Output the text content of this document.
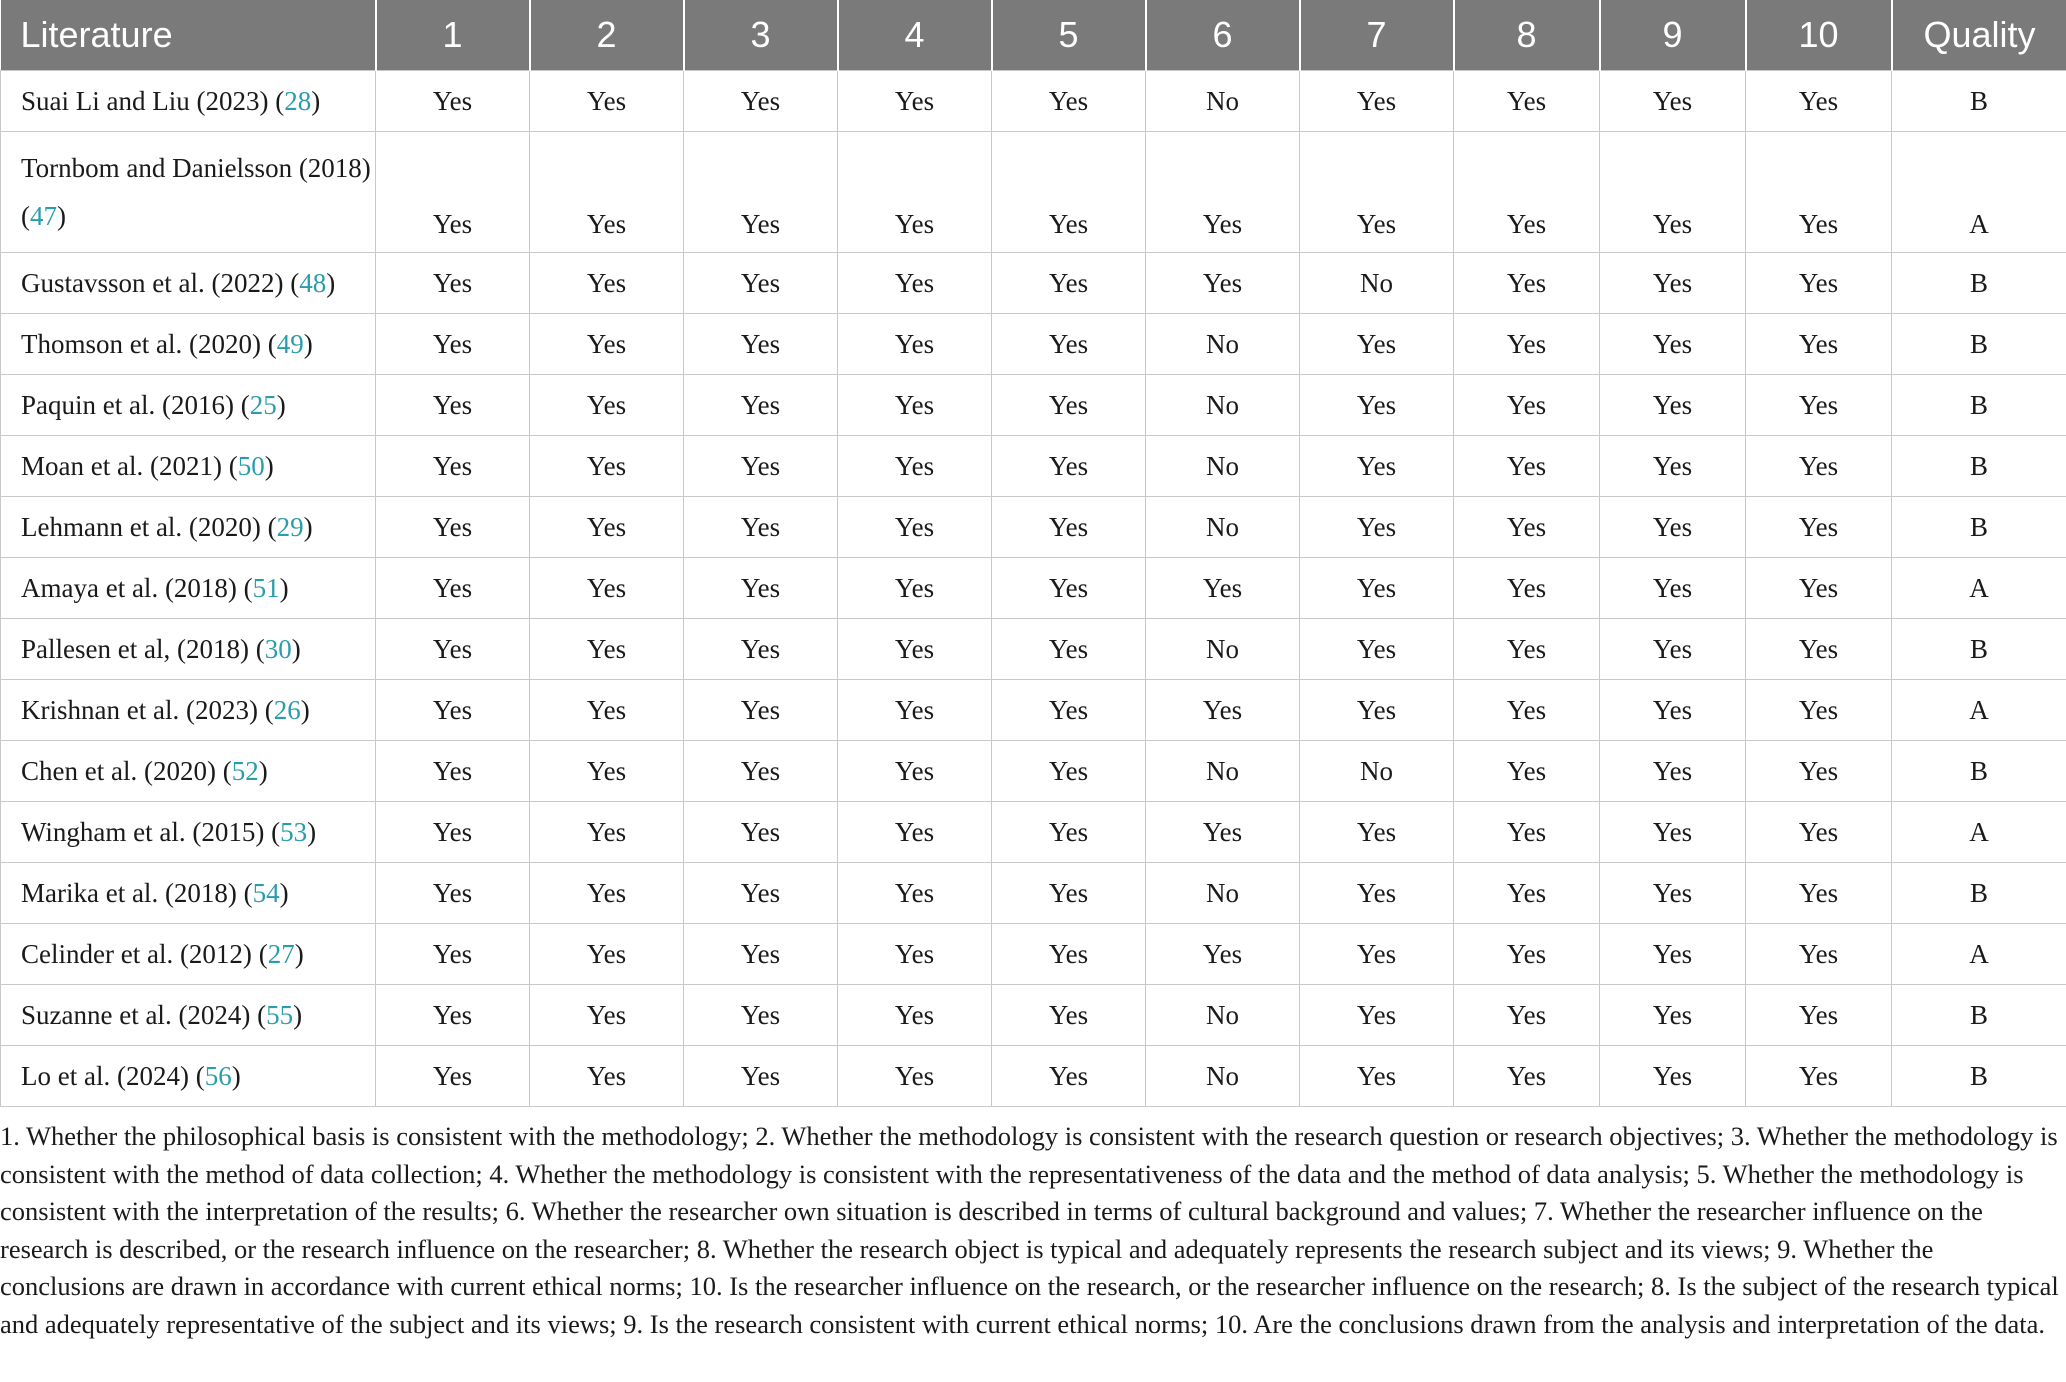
Literature	1	2	3	4	5	6	7	8	9	10	Quality
Suai Li and Liu (2023) (28)	Yes	Yes	Yes	Yes	Yes	No	Yes	Yes	Yes	Yes	B
Tornbom and Danielsson (2018) (47)	Yes	Yes	Yes	Yes	Yes	Yes	Yes	Yes	Yes	Yes	A
Gustavsson et al. (2022) (48)	Yes	Yes	Yes	Yes	Yes	Yes	No	Yes	Yes	Yes	B
Thomson et al. (2020) (49)	Yes	Yes	Yes	Yes	Yes	No	Yes	Yes	Yes	Yes	B
Paquin et al. (2016) (25)	Yes	Yes	Yes	Yes	Yes	No	Yes	Yes	Yes	Yes	B
Moan et al. (2021) (50)	Yes	Yes	Yes	Yes	Yes	No	Yes	Yes	Yes	Yes	B
Lehmann et al. (2020) (29)	Yes	Yes	Yes	Yes	Yes	No	Yes	Yes	Yes	Yes	B
Amaya et al. (2018) (51)	Yes	Yes	Yes	Yes	Yes	Yes	Yes	Yes	Yes	Yes	A
Pallesen et al, (2018) (30)	Yes	Yes	Yes	Yes	Yes	No	Yes	Yes	Yes	Yes	B
Krishnan et al. (2023) (26)	Yes	Yes	Yes	Yes	Yes	Yes	Yes	Yes	Yes	Yes	A
Chen et al. (2020) (52)	Yes	Yes	Yes	Yes	Yes	No	No	Yes	Yes	Yes	B
Wingham et al. (2015) (53)	Yes	Yes	Yes	Yes	Yes	Yes	Yes	Yes	Yes	Yes	A
Marika et al. (2018) (54)	Yes	Yes	Yes	Yes	Yes	No	Yes	Yes	Yes	Yes	B
Celinder et al. (2012) (27)	Yes	Yes	Yes	Yes	Yes	Yes	Yes	Yes	Yes	Yes	A
Suzanne et al. (2024) (55)	Yes	Yes	Yes	Yes	Yes	No	Yes	Yes	Yes	Yes	B
Lo et al. (2024) (56)	Yes	Yes	Yes	Yes	Yes	No	Yes	Yes	Yes	Yes	B
1. Whether the philosophical basis is consistent with the methodology; 2. Whether the methodology is consistent with the research question or research objectives; 3. Whether the methodology is consistent with the method of data collection; 4. Whether the methodology is consistent with the representativeness of the data and the method of data analysis; 5. Whether the methodology is consistent with the interpretation of the results; 6. Whether the researcher own situation is described in terms of cultural background and values; 7. Whether the researcher influence on the research is described, or the research influence on the researcher; 8. Whether the research object is typical and adequately represents the research subject and its views; 9. Whether the conclusions are drawn in accordance with current ethical norms; 10. Is the researcher influence on the research, or the researcher influence on the research; 8. Is the subject of the research typical and adequately representative of the subject and its views; 9. Is the research consistent with current ethical norms; 10. Are the conclusions drawn from the analysis and interpretation of the data.
